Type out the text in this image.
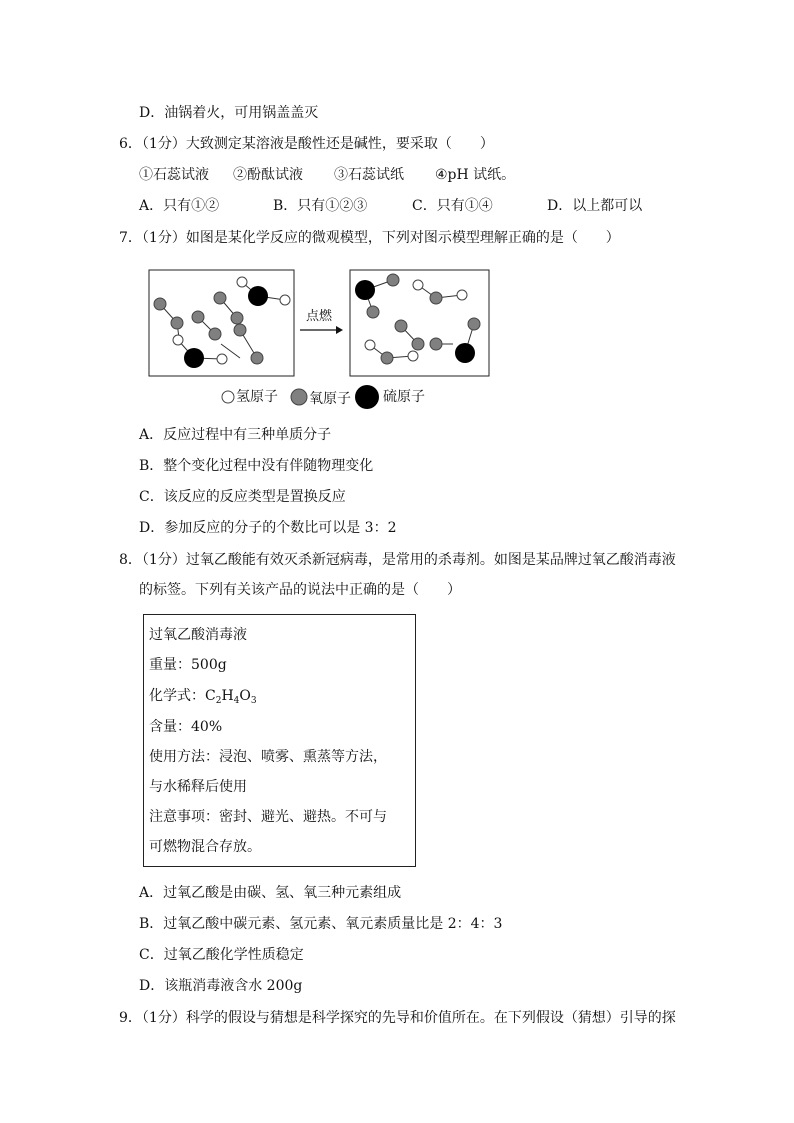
D．油锅着火，可用锅盖盖灭
6．（1分）大致测定某溶液是酸性还是碱性，要采取（　　）
①石蕊试液 ②酚酞试液 ③石蕊试纸 ④pH 试纸。
A．只有①②	B．只有①②③	C．只有①④	D．以上都可以
7．（1分）如图是某化学反应的微观模型，下列对图示模型理解正确的是（　　）
点燃
氢原子 氧原子 硫原子
A．反应过程中有三种单质分子
B．整个变化过程中没有伴随物理变化
C．该反应的反应类型是置换反应
D．参加反应的分子的个数比可以是 3：2
8．（1分）过氧乙酸能有效灭杀新冠病毒，是常用的杀毒剂。如图是某品牌过氧乙酸消毒液
的标签。下列有关该产品的说法中正确的是（　　）
过氧乙酸消毒液
重量：500g
化学式：$C_2H_4O_3$
含量：40%
使用方法：浸泡、喷雾、熏蒸等方法，
与水稀释后使用
注意事项：密封、避光、避热。不可与
可燃物混合存放。
A．过氧乙酸是由碳、氢、氧三种元素组成
B．过氧乙酸中碳元素、氢元素、氧元素质量比是 2：4：3
C．过氧乙酸化学性质稳定
D．该瓶消毒液含水 200g
9．（1分）科学的假设与猜想是科学探究的先导和价值所在。在下列假设（猜想）引导的探
